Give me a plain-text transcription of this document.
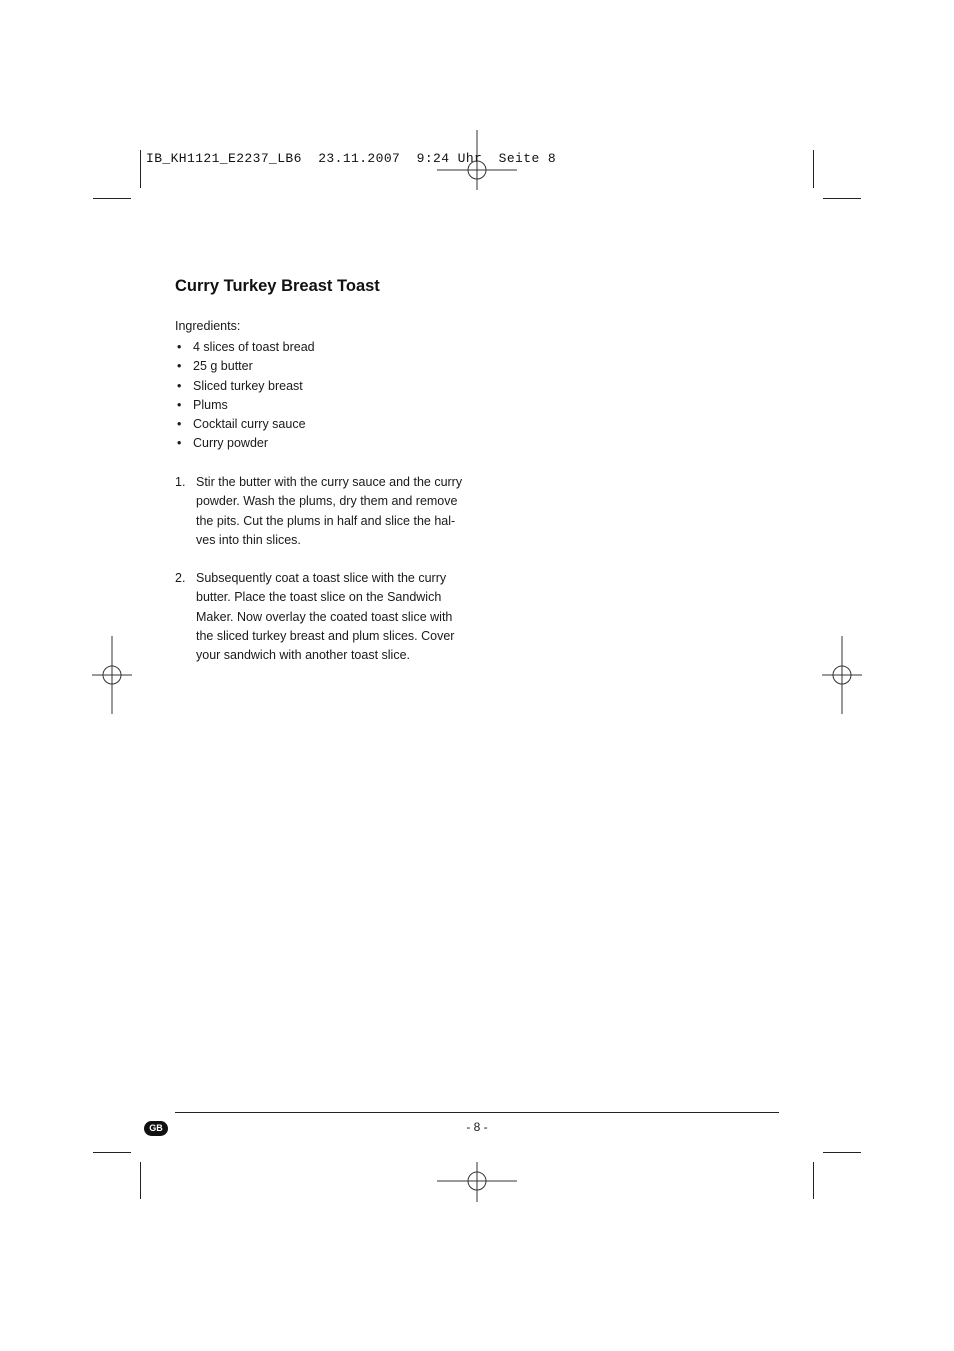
IB_KH1121_E2237_LB6  23.11.2007  9:24 Uhr  Seite 8
Curry Turkey Breast Toast
Ingredients:
• 4 slices of toast bread
• 25 g butter
• Sliced turkey breast
• Plums
• Cocktail curry sauce
• Curry powder
1. Stir the butter with the curry sauce and the curry
powder. Wash the plums, dry them and remove
the pits. Cut the plums in half and slice the hal-
ves into thin slices.
2. Subsequently coat a toast slice with the curry
butter. Place the toast slice on the Sandwich
Maker. Now overlay the coated toast slice with
the sliced turkey breast and plum slices. Cover
your sandwich with another toast slice.
GB	- 8 -
